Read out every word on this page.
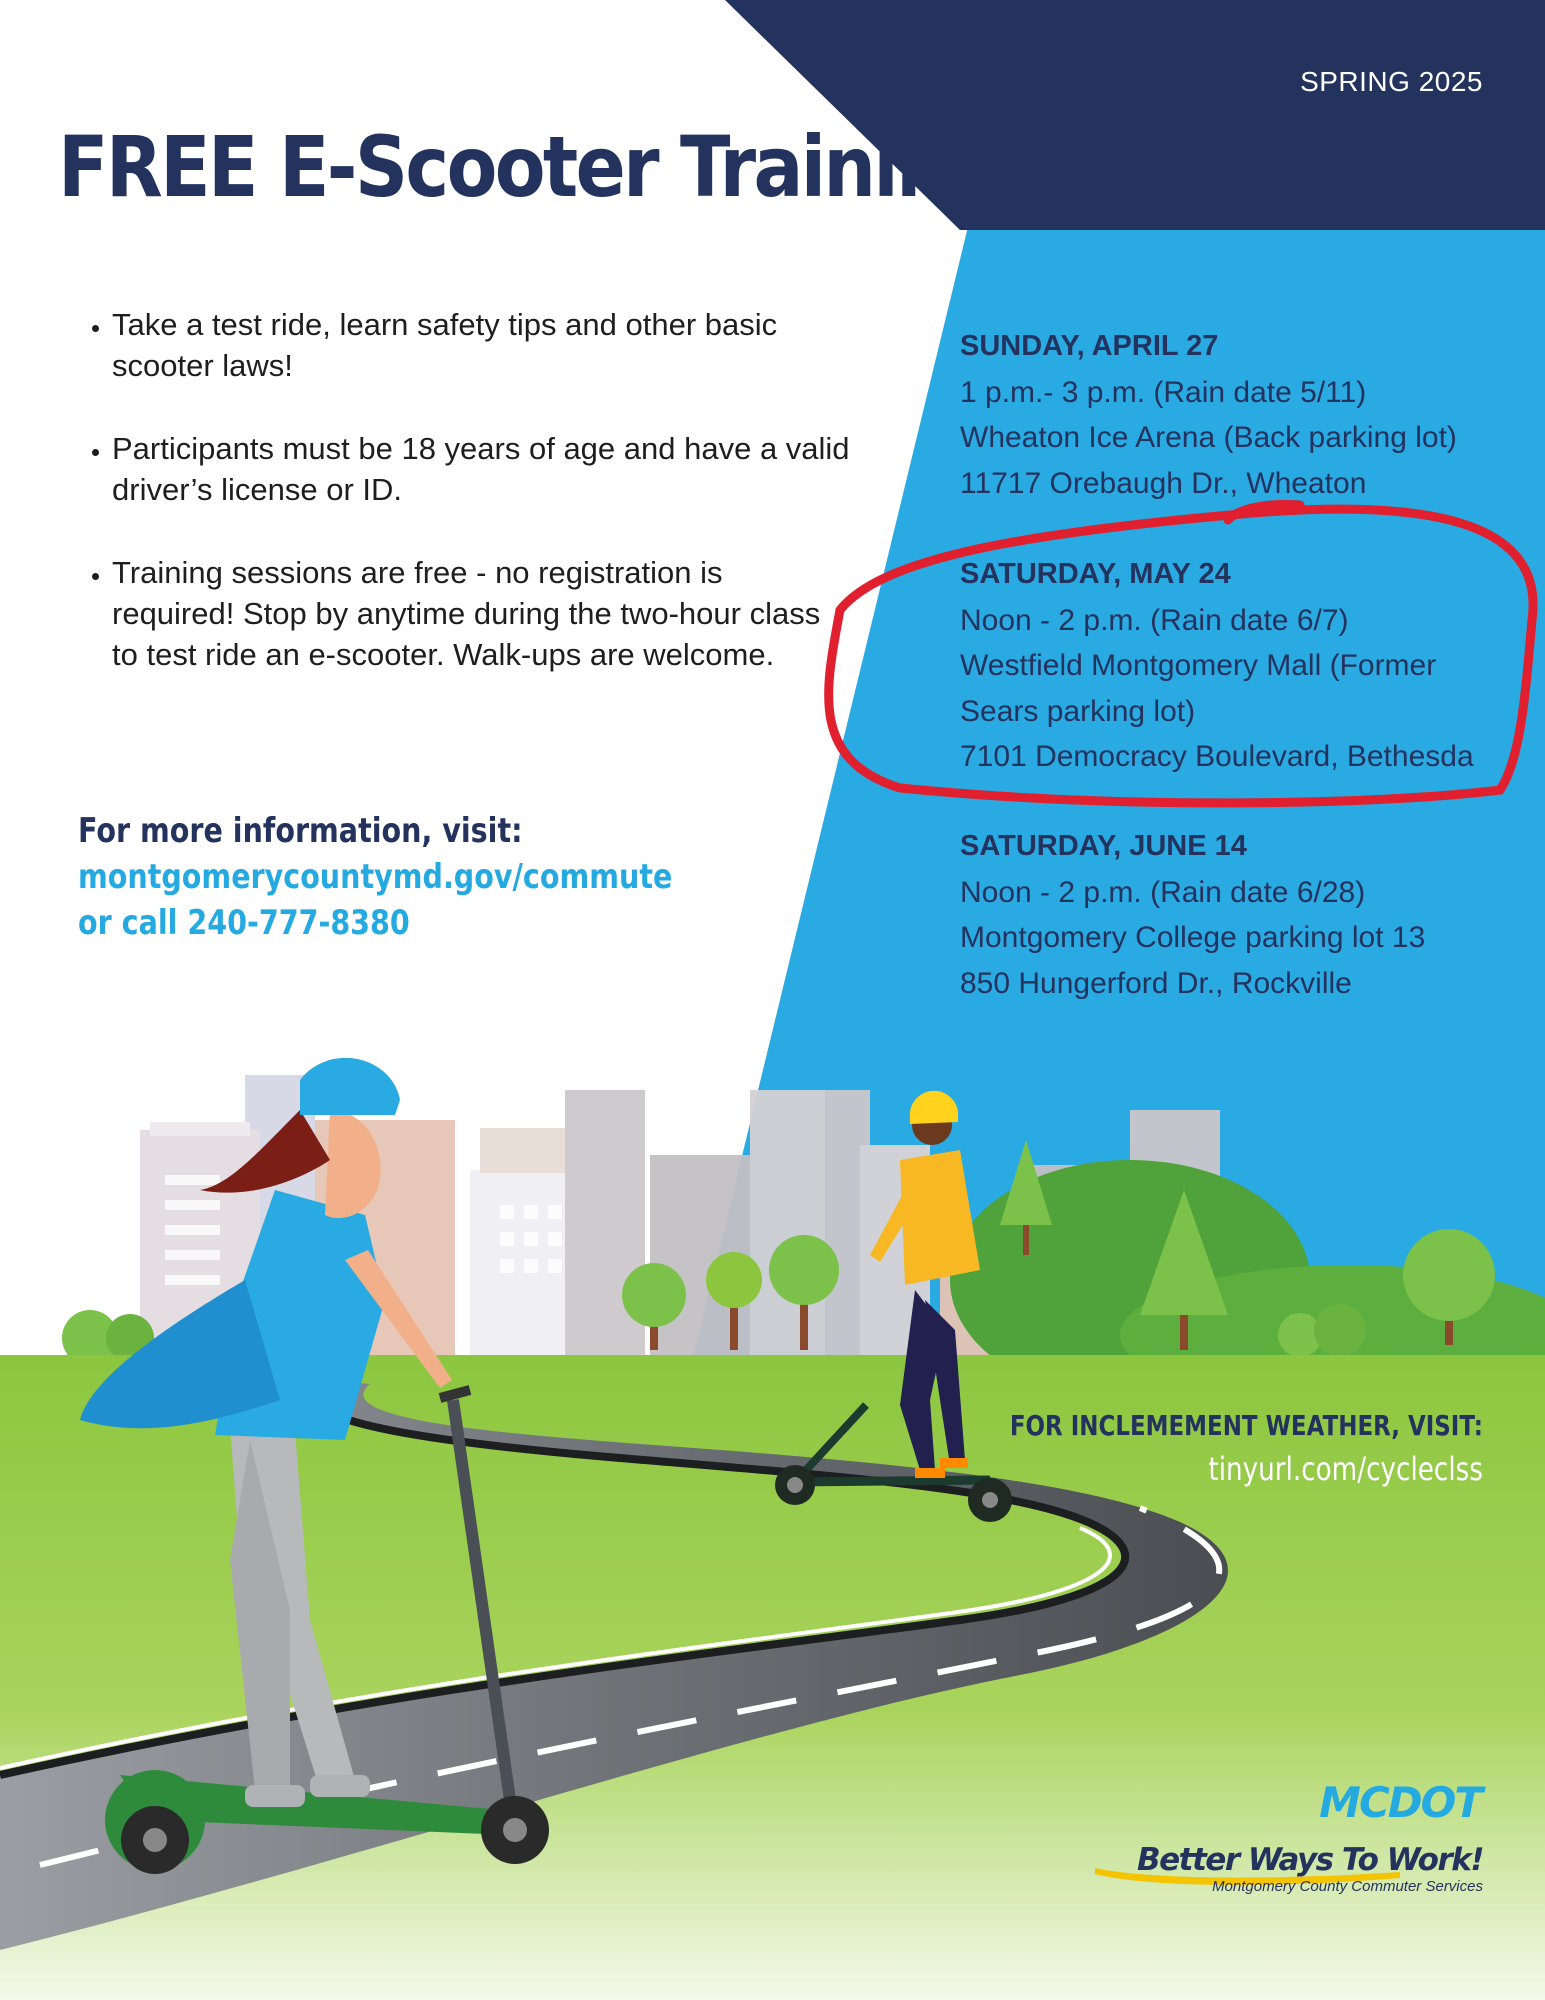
SPRING 2025
FREE E-Scooter Training!
• Take a test ride, learn safety tips and other basic scooter laws!
• Participants must be 18 years of age and have a valid driver’s license or ID.
• Training sessions are free - no registration is required! Stop by anytime during the two-hour class to test ride an e-scooter. Walk-ups are welcome.
For more information, visit:
montgomerycountymd.gov/commute
or call 240-777-8380
SUNDAY, APRIL 27
1 p.m.- 3 p.m. (Rain date 5/11)
Wheaton Ice Arena (Back parking lot)
11717 Orebaugh Dr., Wheaton
SATURDAY, MAY 24
Noon - 2 p.m. (Rain date 6/7)
Westfield Montgomery Mall (Former
Sears parking lot)
7101 Democracy Boulevard, Bethesda
SATURDAY, JUNE 14
Noon - 2 p.m. (Rain date 6/28)
Montgomery College parking lot 13
850 Hungerford Dr., Rockville
FOR INCLEMEMENT WEATHER, VISIT:
tinyurl.com/cycleclss
MCDOT
Better Ways To Work!
Montgomery County Commuter Services
